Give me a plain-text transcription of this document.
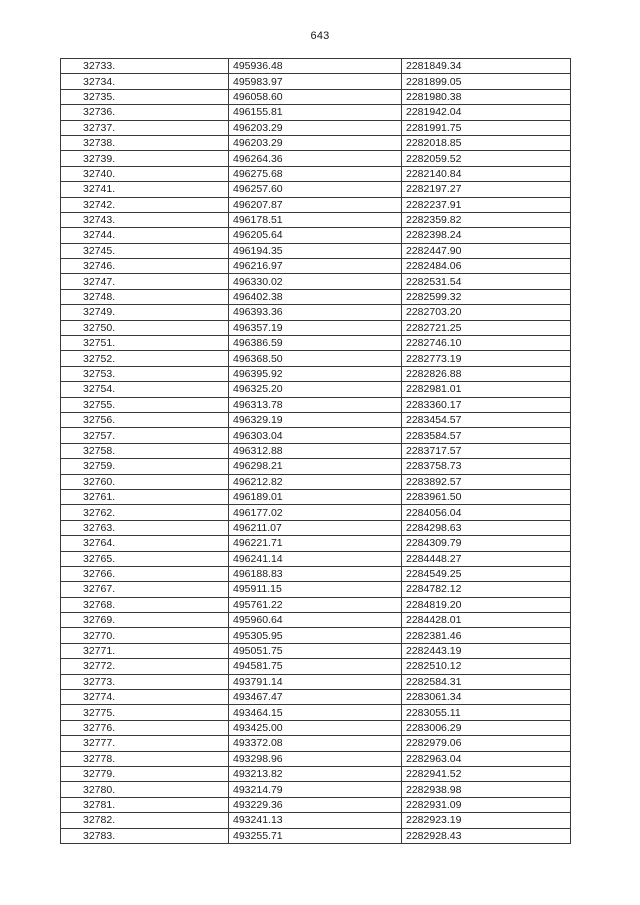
643
32733.	495936.48	2281849.34
32734.	495983.97	2281899.05
32735.	496058.60	2281980.38
32736.	496155.81	2281942.04
32737.	496203.29	2281991.75
32738.	496203.29	2282018.85
32739.	496264.36	2282059.52
32740.	496275.68	2282140.84
32741.	496257.60	2282197.27
32742.	496207.87	2282237.91
32743.	496178.51	2282359.82
32744.	496205.64	2282398.24
32745.	496194.35	2282447.90
32746.	496216.97	2282484.06
32747.	496330.02	2282531.54
32748.	496402.38	2282599.32
32749.	496393.36	2282703.20
32750.	496357.19	2282721.25
32751.	496386.59	2282746.10
32752.	496368.50	2282773.19
32753.	496395.92	2282826.88
32754.	496325.20	2282981.01
32755.	496313.78	2283360.17
32756.	496329.19	2283454.57
32757.	496303.04	2283584.57
32758.	496312.88	2283717.57
32759.	496298.21	2283758.73
32760.	496212.82	2283892.57
32761.	496189.01	2283961.50
32762.	496177.02	2284056.04
32763.	496211.07	2284298.63
32764.	496221.71	2284309.79
32765.	496241.14	2284448.27
32766.	496188.83	2284549.25
32767.	495911.15	2284782.12
32768.	495761.22	2284819.20
32769.	495960.64	2284428.01
32770.	495305.95	2282381.46
32771.	495051.75	2282443.19
32772.	494581.75	2282510.12
32773.	493791.14	2282584.31
32774.	493467.47	2283061.34
32775.	493464.15	2283055.11
32776.	493425.00	2283006.29
32777.	493372.08	2282979.06
32778.	493298.96	2282963.04
32779.	493213.82	2282941.52
32780.	493214.79	2282938.98
32781.	493229.36	2282931.09
32782.	493241.13	2282923.19
32783.	493255.71	2282928.43
